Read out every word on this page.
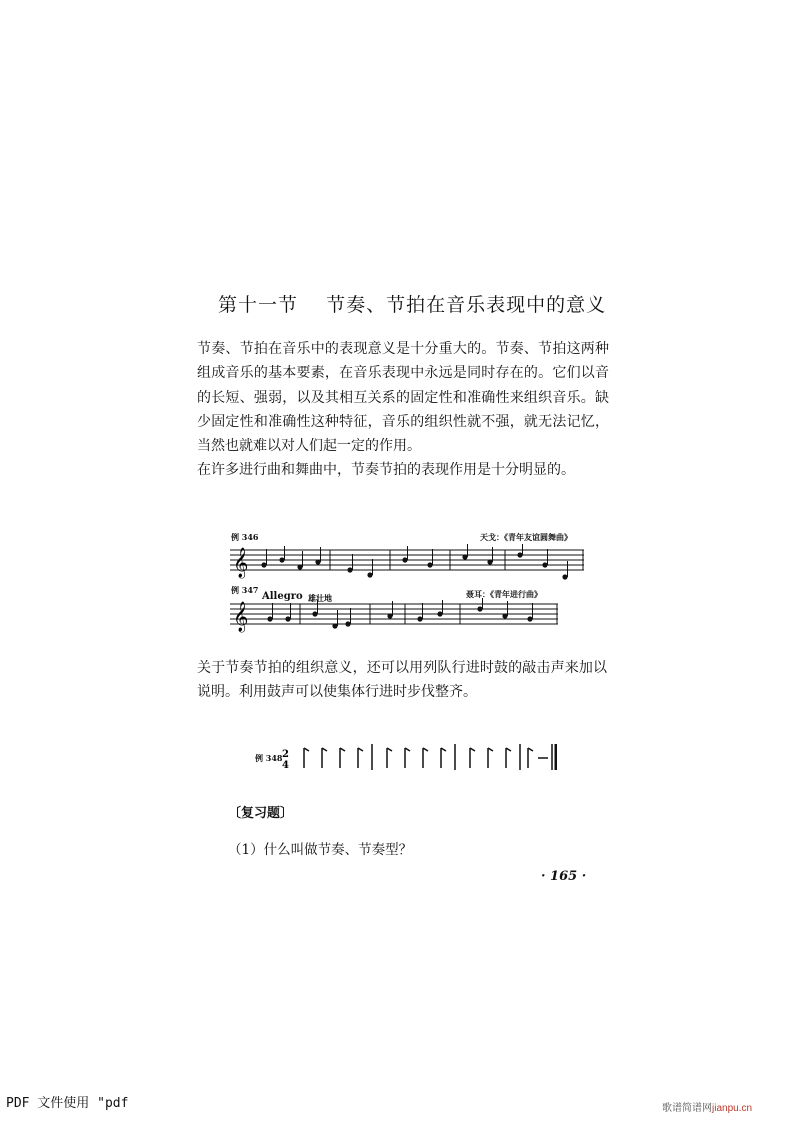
第十一节    节奏、节拍在音乐表现中的意义
节奏、节拍在音乐中的表现意义是十分重大的。节奏、节拍这两种组成音乐的基本要素，在音乐表现中永远是同时存在的。它们以音的长短、强弱，以及其相互关系的固定性和准确性来组织音乐。缺少固定性和准确性这种特征，音乐的组织性就不强，就无法记忆，当然也就难以对人们起一定的作用。
在许多进行曲和舞曲中，节奏节拍的表现作用是十分明显的。
例 346	天戈：《青年友谊圆舞曲》
𝄞
例 347
Allegro 雄壮地	聂耳：《青年进行曲》
𝄞
关于节奏节拍的组织意义，还可以用列队行进时鼓的敲击声来加以说明。利用鼓声可以使集体行进时步伐整齐。
例 348 2
4
〔复习题〕
（1）什么叫做节奏、节奏型？
· 165 ·
PDF 文件使用 "pdf	歌谱简谱网jianpu.cn
